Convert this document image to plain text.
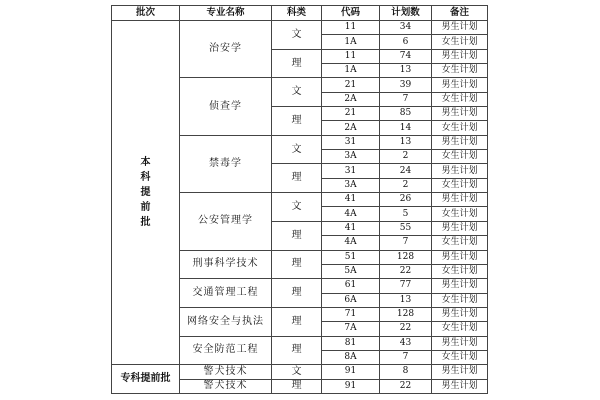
批次	专业名称	科类	代码	计划数	备注

本科提前批	治安学	文	11	34	男生计划
			1A	6	女生计划
		理	11	74	男生计划
			1A	13	女生计划
	侦查学	文	21	39	男生计划
			2A	7	女生计划
		理	21	85	男生计划
			2A	14	女生计划
	禁毒学	文	31	13	男生计划
			3A	2	女生计划
		理	31	24	男生计划
			3A	2	女生计划
	公安管理学	文	41	26	男生计划
			4A	5	女生计划
		理	41	55	男生计划
			4A	7	女生计划
	刑事科学技术	理	51	128	男生计划
			5A	22	女生计划
	交通管理工程	理	61	77	男生计划
			6A	13	女生计划
	网络安全与执法	理	71	128	男生计划
			7A	22	女生计划
	安全防范工程	理	81	43	男生计划
			8A	7	女生计划
专科提前批	警犬技术	文	91	8	男生计划
	警犬技术	理	91	22	男生计划
